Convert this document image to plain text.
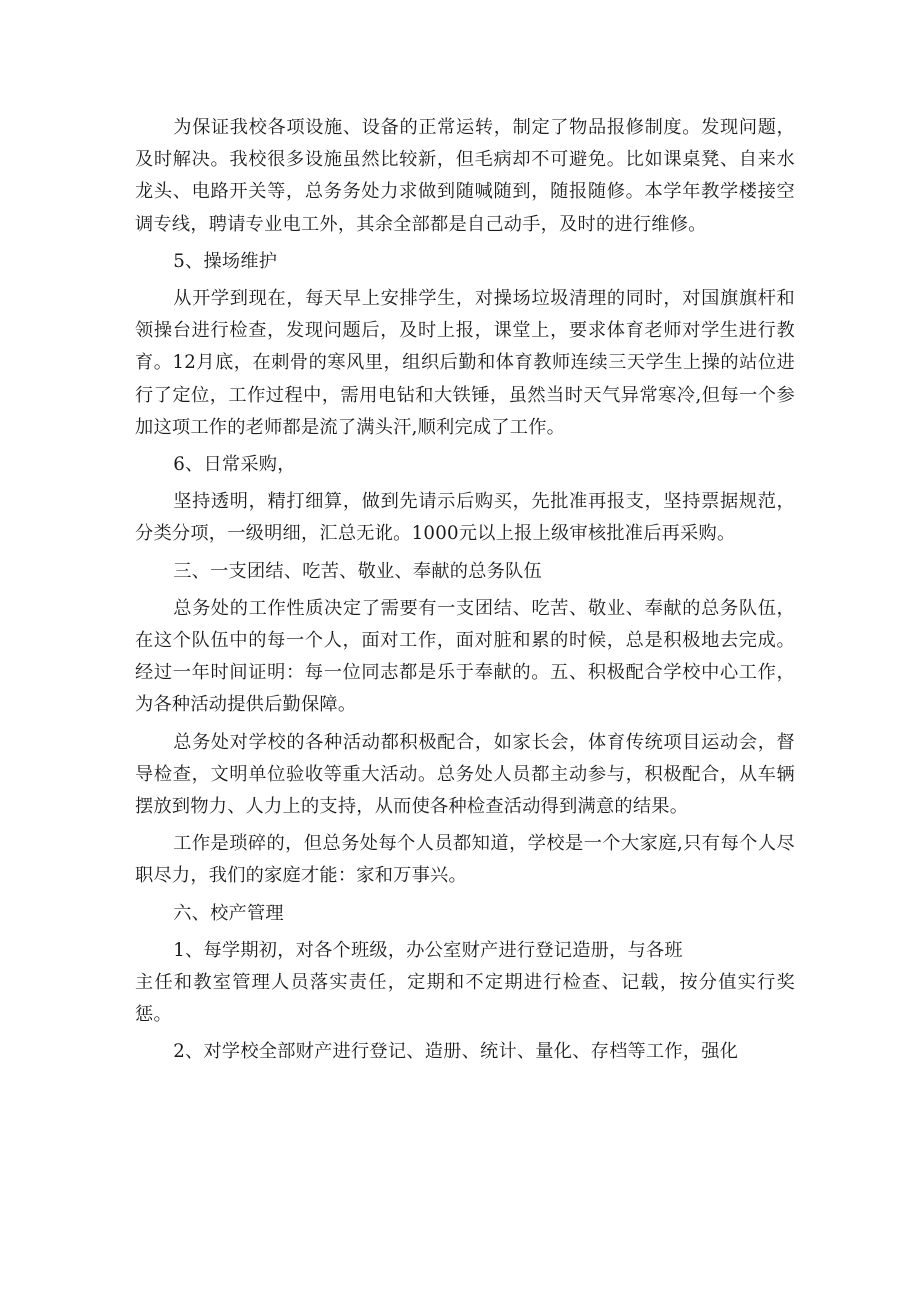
为保证我校各项设施、设备的正常运转，制定了物品报修制度。发现问题，及时解决。我校很多设施虽然比较新，但毛病却不可避免。比如课桌凳、自来水龙头、电路开关等，总务务处力求做到随喊随到，随报随修。本学年教学楼接空调专线，聘请专业电工外，其余全部都是自己动手，及时的进行维修。

5、操场维护

从开学到现在，每天早上安排学生，对操场垃圾清理的同时，对国旗旗杆和领操台进行检查，发现问题后，及时上报，课堂上，要求体育老师对学生进行教育。12月底，在刺骨的寒风里，组织后勤和体育教师连续三天学生上操的站位进行了定位，工作过程中，需用电钻和大铁锤，虽然当时天气异常寒冷,但每一个参加这项工作的老师都是流了满头汗,顺利完成了工作。

6、日常采购，

坚持透明，精打细算，做到先请示后购买，先批准再报支，坚持票据规范，分类分项，一级明细，汇总无讹。1000元以上报上级审核批准后再采购。

三、一支团结、吃苦、敬业、奉献的总务队伍

总务处的工作性质决定了需要有一支团结、吃苦、敬业、奉献的总务队伍，在这个队伍中的每一个人，面对工作，面对脏和累的时候，总是积极地去完成。经过一年时间证明：每一位同志都是乐于奉献的。五、积极配合学校中心工作，为各种活动提供后勤保障。

总务处对学校的各种活动都积极配合，如家长会，体育传统项目运动会，督导检查，文明单位验收等重大活动。总务处人员都主动参与，积极配合，从车辆摆放到物力、人力上的支持，从而使各种检查活动得到满意的结果。

工作是琐碎的，但总务处每个人员都知道，学校是一个大家庭,只有每个人尽职尽力，我们的家庭才能：家和万事兴。

六、校产管理

1、每学期初，对各个班级，办公室财产进行登记造册，与各班

主任和教室管理人员落实责任，定期和不定期进行检查、记载，按分值实行奖惩。

2、对学校全部财产进行登记、造册、统计、量化、存档等工作，强化
